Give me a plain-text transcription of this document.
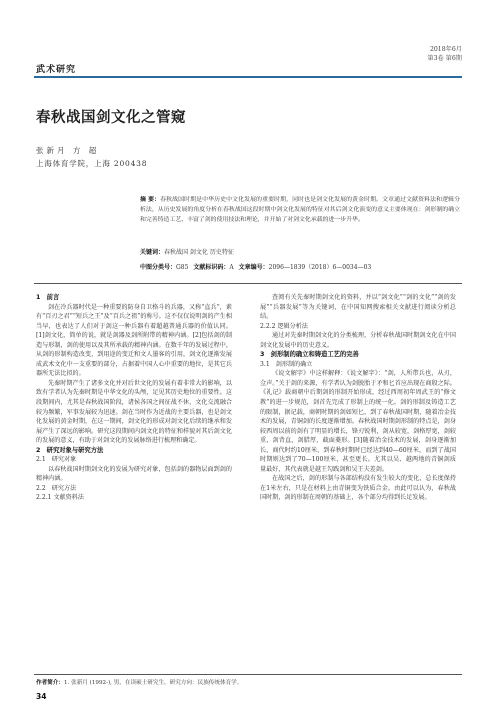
武术研究
2018年6月
第3卷 第6期
春秋战国剑文化之管窥
张新月 方 超
上海体育学院，上海 200438
摘 要：春秋战国时期是中华历史中文化发展的重要时期，同时也是剑文化发展的黄金时期。文章通过文献资料法和逻辑分析法，从历史发展的角度分析在春秋战国这段时期中剑文化发展的特征对其后剑文化演变的意义主要体现在：剑形制的确立和完善铸造工艺、丰富了剑的使用技法和理论，并开始了对剑文化承载的进一步升华。
关键词：春秋战国 剑文化 历史特征
中图分类号：G85 文献标识码：A 文章编号：2096—1839（2018）6—0034—03
1　前言

剑在冷兵器时代是一种重要的防身自卫格斗的兵器，又称“直兵”，素有“百刃之君”“短兵之王”及“百兵之祖”的称号。这不仅仅说明剑的产生相当早，也表达了人们对于剑这一种兵器有着超越普通兵器的价值认同。[1]剑文化，简单的说，就是剑器及剑所附带的精神内涵。[2]包括剑的制造与形制，剑的使用以及其所承载的精神内涵。在数千年的发展过程中，从剑的形制构造改变，到用途的变迁和文人墨客的引用，剑文化逐渐发展成武术文化中一支重要的部分，占据着中国人心中重要的地位，是其它兵器所无法比拟的。

先秦时期产生了诸多文化并对后世文化的发展有着非常大的影响，以致有学者认为先秦时期是中华文化的头颅，足见其历史地位的重要性。这段期间内，尤其是春秋战国阶段，诸侯各国之间征战不休，文化交流融合较为频繁，军事发展较为迅速。剑在当时作为近战的主要兵器，也是剑文化发展的黄金时期，在这一期间，剑文化的形成对剑文化后续的继承和发展产生了深远的影响。研究这段期间内剑文化的特征和样貌对其后剑文化的发展的意义，有助于对剑文化的发展脉络进行梳理和确定。

2　研究对象与研究方法
2.1　研究对象

以春秋战国时期剑文化的发展为研究对象，包括剑的器物层面到剑的精神内涵。

2.2　研究方法
2.2.1 文献资料法

查阅有关先秦时期剑文化的资料，并以“剑文化”“剑的文化”“剑的发展”“兵器发展”等为关键词，在中国知网搜索相关文献进行阅读分析总结。

2.2.2 逻辑分析法

通过对先秦时期剑文化的分类梳理，分析春秋战国时期剑文化在中国剑文化发展中的历史意义。

3　剑形制的确立和铸造工艺的完善
3.1　剑形制的确立

《说文解字》中这样解释：《说文解字》：“剑，人所带兵也，从刃，佥声。”关于剑的来源，有学者认为剑脱胎于矛和匕首应出现在商殷之际。《礼记》载商朝中后期剑的形制开始形成，经过西周初年周武王的“修文教”的进一步规范，剑首先完成了形制上的统一化。剑的形制及铸造工艺的限制，据记载，商朝时期的剑如短匕，到了春秋战国时期，随着冶金技术的发展，青铜剑的长度逐渐增加。春秋战国时期剑形制的特点是，剑身较西周以前的剑有了明显的增长，锋刃锐利，剑从较宽，剑格厚宽，剑较重，剑背直，剑腊厚，截面菱形。[3]随着冶金技术的发展，剑身逐渐加长，商代时约10厘米，到春秋时期时已经达到40—60厘米，而到了战国时期则达到了70—100厘米，甚至更长。尤其以吴、越两地的青铜剑质量最好，其代表就是越王勾践剑和吴王夫差剑。

在战国之后，剑的形制与各部结构没有发生较大的变化，总长度保持在1米左右，只是在材料上由青铜变为铁质合金。由此可以认为，春秋战国时期，剑的形制在周朝的基础上，各个部分均得到长足发展。

作者简介：1. 张新月 (1992-), 男，在读硕士研究生，研究方向：民族传统体育学。
34
